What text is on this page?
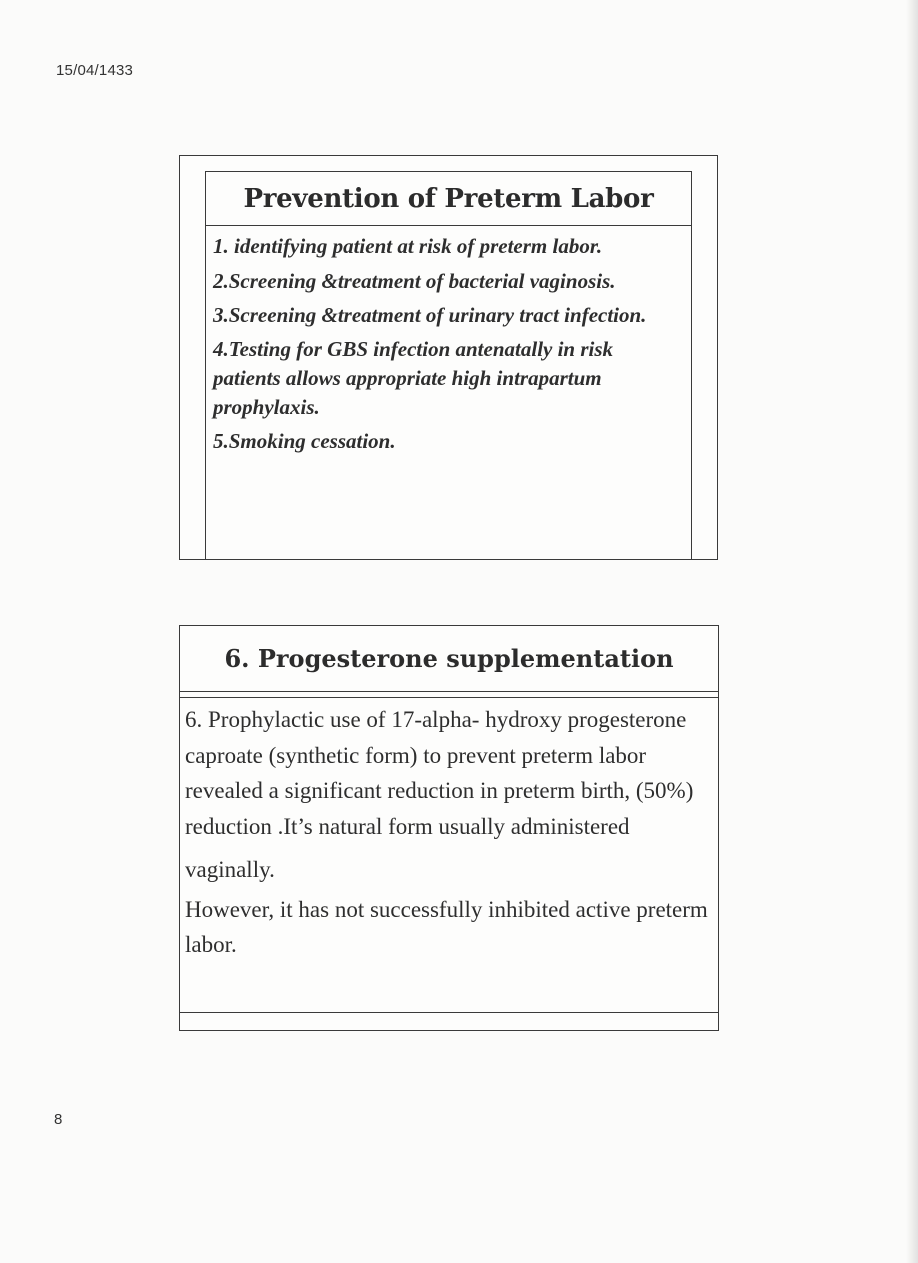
15/04/1433
Prevention of Preterm Labor
1. identifying patient at risk of preterm labor.
2.Screening &treatment of bacterial vaginosis.
3.Screening &treatment of urinary tract infection.
4.Testing for GBS infection antenatally in risk patients allows appropriate high intrapartum prophylaxis.
5.Smoking cessation.
6. Progesterone supplementation

6. Prophylactic use of 17-alpha- hydroxy progesterone caproate (synthetic form) to prevent preterm labor revealed a significant reduction in preterm birth, (50%) reduction .It’s natural form usually administered
vaginally.

However, it has not successfully inhibited active preterm labor.

8
